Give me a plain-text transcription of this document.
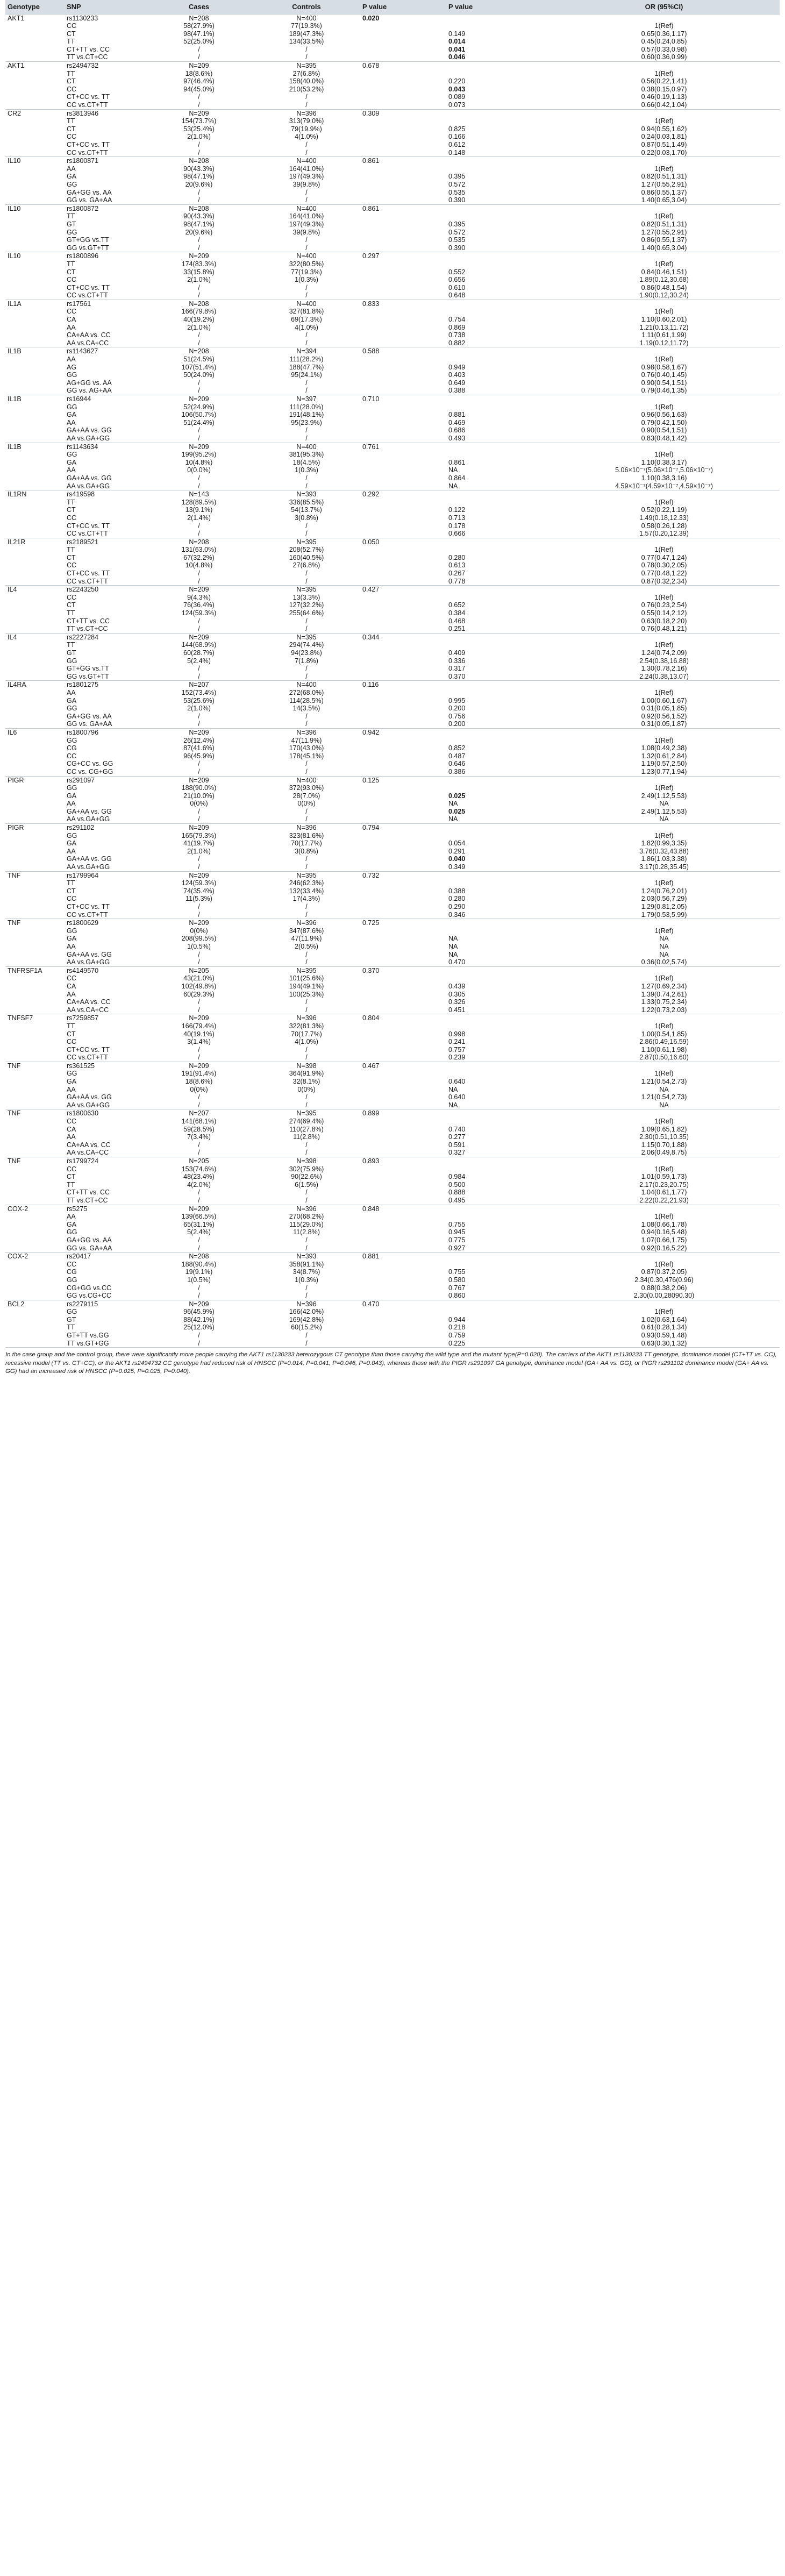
Genotype	SNP	Cases	Controls	P value	P value	OR (95%CI)
AKT1	rs1130233	N=208	N=400	0.020		
	CC	58(27.9%)	77(19.3%)			1(Ref)
	CT	98(47.1%)	189(47.3%)		0.149	0.65(0.36,1.17)
	TT	52(25.0%)	134(33.5%)		0.014	0.45(0.24,0.85)
	CT+TT vs. CC	/	/		0.041	0.57(0.33,0.98)
	TT vs.CT+CC	/	/		0.046	0.60(0.36,0.99)
AKT1	rs2494732	N=209	N=395	0.678		
	TT	18(8.6%)	27(6.8%)			1(Ref)
	CT	97(46.4%)	158(40.0%)		0.220	0.56(0.22,1.41)
	CC	94(45.0%)	210(53.2%)		0.043	0.38(0.15,0.97)
	CT+CC vs. TT	/	/		0.089	0.46(0.19,1.13)
	CC vs.CT+TT	/	/		0.073	0.66(0.42,1.04)
CR2	rs3813946	N=209	N=396	0.309		
	TT	154(73.7%)	313(79.0%)			1(Ref)
	CT	53(25.4%)	79(19.9%)		0.825	0.94(0.55,1.62)
	CC	2(1.0%)	4(1.0%)		0.166	0.24(0.03,1.81)
	CT+CC vs. TT	/	/		0.612	0.87(0.51,1.49)
	CC vs.CT+TT	/	/		0.148	0.22(0.03,1.70)
IL10	rs1800871	N=208	N=400	0.861		
	AA	90(43.3%)	164(41.0%)			1(Ref)
	GA	98(47.1%)	197(49.3%)		0.395	0.82(0.51,1.31)
	GG	20(9.6%)	39(9.8%)		0.572	1.27(0.55,2.91)
	GA+GG vs. AA	/	/		0.535	0.86(0.55,1.37)
	GG vs. GA+AA	/	/		0.390	1.40(0.65,3.04)
IL10	rs1800872	N=208	N=400	0.861		
	TT	90(43.3%)	164(41.0%)			1(Ref)
	GT	98(47.1%)	197(49.3%)		0.395	0.82(0.51,1.31)
	GG	20(9.6%)	39(9.8%)		0.572	1.27(0.55,2.91)
	GT+GG vs.TT	/	/		0.535	0.86(0.55,1.37)
	GG vs.GT+TT	/	/		0.390	1.40(0.65,3.04)
IL10	rs1800896	N=209	N=400	0.297		
	TT	174(83.3%)	322(80.5%)			1(Ref)
	CT	33(15.8%)	77(19.3%)		0.552	0.84(0.46,1.51)
	CC	2(1.0%)	1(0.3%)		0.656	1.89(0.12,30.68)
	CT+CC vs. TT	/	/		0.610	0.86(0.48,1.54)
	CC vs.CT+TT	/	/		0.648	1.90(0.12,30.24)
IL1A	rs17561	N=208	N=400	0.833		
	CC	166(79.8%)	327(81.8%)			1(Ref)
	CA	40(19.2%)	69(17.3%)		0.754	1.10(0.60,2.01)
	AA	2(1.0%)	4(1.0%)		0.869	1.21(0.13,11.72)
	CA+AA vs. CC	/	/		0.738	1.11(0.61,1.99)
	AA vs.CA+CC	/	/		0.882	1.19(0.12,11.72)
IL1B	rs1143627	N=208	N=394	0.588		
	AA	51(24.5%)	111(28.2%)			1(Ref)
	AG	107(51.4%)	188(47.7%)		0.949	0.98(0.58,1.67)
	GG	50(24.0%)	95(24.1%)		0.403	0.76(0.40,1.45)
	AG+GG vs. AA	/	/		0.649	0.90(0.54,1.51)
	GG vs. AG+AA	/	/		0.388	0.79(0.46,1.35)
IL1B	rs16944	N=209	N=397	0.710		
	GG	52(24.9%)	111(28.0%)			1(Ref)
	GA	106(50.7%)	191(48.1%)		0.881	0.96(0.56,1.63)
	AA	51(24.4%)	95(23.9%)		0.469	0.79(0.42,1.50)
	GA+AA vs. GG	/	/		0.686	0.90(0.54,1.51)
	AA vs.GA+GG	/	/		0.493	0.83(0.48,1.42)
IL1B	rs1143634	N=209	N=400	0.761		
	GG	199(95.2%)	381(95.3%)			1(Ref)
	GA	10(4.8%)	18(4.5%)		0.861	1.10(0.38,3.17)
	AA	0(0.0%)	1(0.3%)		NA	5.06×10⁻⁷(5.06×10⁻⁷,5.06×10⁻⁷)
	GA+AA vs. GG	/	/		0.864	1.10(0.38,3.16)
	AA vs.GA+GG	/	/		NA	4.59×10⁻⁷(4.59×10⁻⁷,4.59×10⁻⁷)
IL1RN	rs419598	N=143	N=393	0.292		
	TT	128(89.5%)	336(85.5%)			1(Ref)
	CT	13(9.1%)	54(13.7%)		0.122	0.52(0.22,1.19)
	CC	2(1.4%)	3(0.8%)		0.713	1.49(0.18,12.33)
	CT+CC vs. TT	/	/		0.178	0.58(0.26,1.28)
	CC vs.CT+TT	/	/		0.666	1.57(0.20,12.39)
IL21R	rs2189521	N=208	N=395	0.050		
	TT	131(63.0%)	208(52.7%)			1(Ref)
	CT	67(32.2%)	160(40.5%)		0.280	0.77(0.47,1.24)
	CC	10(4.8%)	27(6.8%)		0.613	0.78(0.30,2.05)
	CT+CC vs. TT	/	/		0.267	0.77(0.48,1.22)
	CC vs.CT+TT	/	/		0.778	0.87(0.32,2.34)
IL4	rs2243250	N=209	N=395	0.427		
	CC	9(4.3%)	13(3.3%)			1(Ref)
	CT	76(36.4%)	127(32.2%)		0.652	0.76(0.23,2.54)
	TT	124(59.3%)	255(64.6%)		0.384	0.55(0.14,2.12)
	CT+TT vs. CC	/	/		0.468	0.63(0.18,2.20)
	TT vs.CT+CC	/	/		0.251	0.76(0.48,1.21)
IL4	rs2227284	N=209	N=395	0.344		
	TT	144(68.9%)	294(74.4%)			1(Ref)
	GT	60(28.7%)	94(23.8%)		0.409	1.24(0.74,2.09)
	GG	5(2.4%)	7(1.8%)		0.336	2.54(0.38,16.88)
	GT+GG vs.TT	/	/		0.317	1.30(0.78,2.16)
	GG vs.GT+TT	/	/		0.370	2.24(0.38,13.07)
IL4RA	rs1801275	N=207	N=400	0.116		
	AA	152(73.4%)	272(68.0%)			1(Ref)
	GA	53(25.6%)	114(28.5%)		0.995	1.00(0.60,1.67)
	GG	2(1.0%)	14(3.5%)		0.200	0.31(0.05,1.85)
	GA+GG vs. AA	/	/		0.756	0.92(0.56,1.52)
	GG vs. GA+AA	/	/		0.200	0.31(0.05,1.87)
IL6	rs1800796	N=209	N=396	0.942		
	GG	26(12.4%)	47(11.9%)			1(Ref)
	CG	87(41.6%)	170(43.0%)		0.852	1.08(0.49,2.38)
	CC	96(45.9%)	178(45.1%)		0.487	1.32(0.61,2.84)
	CG+CC vs. GG	/	/		0.646	1.19(0.57,2.50)
	CC vs. CG+GG	/	/		0.386	1.23(0.77,1.94)
PIGR	rs291097	N=209	N=400	0.125		
	GG	188(90.0%)	372(93.0%)			1(Ref)
	GA	21(10.0%)	28(7.0%)		0.025	2.49(1.12,5.53)
	AA	0(0%)	0(0%)		NA	NA
	GA+AA vs. GG	/	/		0.025	2.49(1.12,5.53)
	AA vs.GA+GG	/	/		NA	NA
PIGR	rs291102	N=209	N=396	0.794		
	GG	165(79.3%)	323(81.6%)			1(Ref)
	GA	41(19.7%)	70(17.7%)		0.054	1.82(0.99,3.35)
	AA	2(1.0%)	3(0.8%)		0.291	3.76(0.32,43.88)
	GA+AA vs. GG	/	/		0.040	1.86(1.03,3.38)
	AA vs.GA+GG	/	/		0.349	3.17(0.28,35.45)
TNF	rs1799964	N=209	N=395	0.732		
	TT	124(59.3%)	246(62.3%)			1(Ref)
	CT	74(35.4%)	132(33.4%)		0.388	1.24(0.76,2.01)
	CC	11(5.3%)	17(4.3%)		0.280	2.03(0.56,7.29)
	CT+CC vs. TT	/	/		0.290	1.29(0.81,2.05)
	CC vs.CT+TT	/	/		0.346	1.79(0.53,5.99)
TNF	rs1800629	N=209	N=396	0.725		
	GG	0(0%)	347(87.6%)			1(Ref)
	GA	208(99.5%)	47(11.9%)		NA	NA
	AA	1(0.5%)	2(0.5%)		NA	NA
	GA+AA vs. GG	/	/		NA	NA
	AA vs.GA+GG	/	/		0.470	0.36(0.02,5.74)
TNFRSF1A	rs4149570	N=205	N=395	0.370		
	CC	43(21.0%)	101(25.6%)			1(Ref)
	CA	102(49.8%)	194(49.1%)		0.439	1.27(0.69,2.34)
	AA	60(29.3%)	100(25.3%)		0.305	1.39(0.74,2.61)
	CA+AA vs. CC	/	/		0.326	1.33(0.75,2.34)
	AA vs.CA+CC	/	/		0.451	1.22(0.73,2.03)
TNFSF7	rs7259857	N=209	N=396	0.804		
	TT	166(79.4%)	322(81.3%)			1(Ref)
	CT	40(19.1%)	70(17.7%)		0.998	1.00(0.54,1.85)
	CC	3(1.4%)	4(1.0%)		0.241	2.86(0.49,16.59)
	CT+CC vs. TT	/	/		0.757	1.10(0.61,1.98)
	CC vs.CT+TT	/	/		0.239	2.87(0.50,16.60)
TNF	rs361525	N=209	N=398	0.467		
	GG	191(91.4%)	364(91.9%)			1(Ref)
	GA	18(8.6%)	32(8.1%)		0.640	1.21(0.54,2.73)
	AA	0(0%)	0(0%)		NA	NA
	GA+AA vs. GG	/	/		0.640	1.21(0.54,2.73)
	AA vs.GA+GG	/	/		NA	NA
TNF	rs1800630	N=207	N=395	0.899		
	CC	141(68.1%)	274(69.4%)			1(Ref)
	CA	59(28.5%)	110(27.8%)		0.740	1.09(0.65,1.82)
	AA	7(3.4%)	11(2.8%)		0.277	2.30(0.51,10.35)
	CA+AA vs. CC	/	/		0.591	1.15(0.70,1.88)
	AA vs.CA+CC	/	/		0.327	2.06(0.49,8.75)
TNF	rs1799724	N=205	N=398	0.893		
	CC	153(74.6%)	302(75.9%)			1(Ref)
	CT	48(23.4%)	90(22.6%)		0.984	1.01(0.59,1.73)
	TT	4(2.0%)	6(1.5%)		0.500	2.17(0.23,20.75)
	CT+TT vs. CC	/	/		0.888	1.04(0.61,1.77)
	TT vs.CT+CC	/	/		0.495	2.22(0.22,21.93)
COX-2	rs5275	N=209	N=396	0.848		
	AA	139(66.5%)	270(68.2%)			1(Ref)
	GA	65(31.1%)	115(29.0%)		0.755	1.08(0.66,1.78)
	GG	5(2.4%)	11(2.8%)		0.945	0.94(0.16,5.48)
	GA+GG vs. AA	/	/		0.775	1.07(0.66,1.75)
	GG vs. GA+AA	/	/		0.927	0.92(0.16,5.22)
COX-2	rs20417	N=208	N=393	0.881		
	CC	188(90.4%)	358(91.1%)			1(Ref)
	CG	19(9.1%)	34(8.7%)		0.755	0.87(0.37,2.05)
	GG	1(0.5%)	1(0.3%)		0.580	2.34(0.30,476(0.96)
	CG+GG vs.CC	/	/		0.767	0.88(0.38,2.06)
	GG vs.CG+CC	/	/		0.860	2.30(0.00,28090.30)
BCL2	rs2279115	N=209	N=396	0.470		
	GG	96(45.9%)	166(42.0%)			1(Ref)
	GT	88(42.1%)	169(42.8%)		0.944	1.02(0.63,1.64)
	TT	25(12.0%)	60(15.2%)		0.218	0.61(0.28,1.34)
	GT+TT vs.GG	/	/		0.759	0.93(0.59,1.48)
	TT vs.GT+GG	/	/		0.225	0.63(0.30,1.32)

In the case group and the control group, there were significantly more people carrying the AKT1 rs1130233 heterozygous CT genotype than those carrying the wild type and the mutant type(P=0.020). The carriers of the AKT1 rs1130233 TT genotype, dominance model (CT+TT vs. CC), recessive model (TT vs. CT+CC), or the AKT1 rs2494732 CC genotype had reduced risk of HNSCC (P=0.014, P=0.041, P=0.046, P=0.043), whereas those with the PIGR rs291097 GA genotype, dominance model (GA+ AA vs. GG), or PIGR rs291102 dominance model (GA+ AA vs. GG) had an increased risk of HNSCC (P=0.025, P=0.025, P=0.040).
